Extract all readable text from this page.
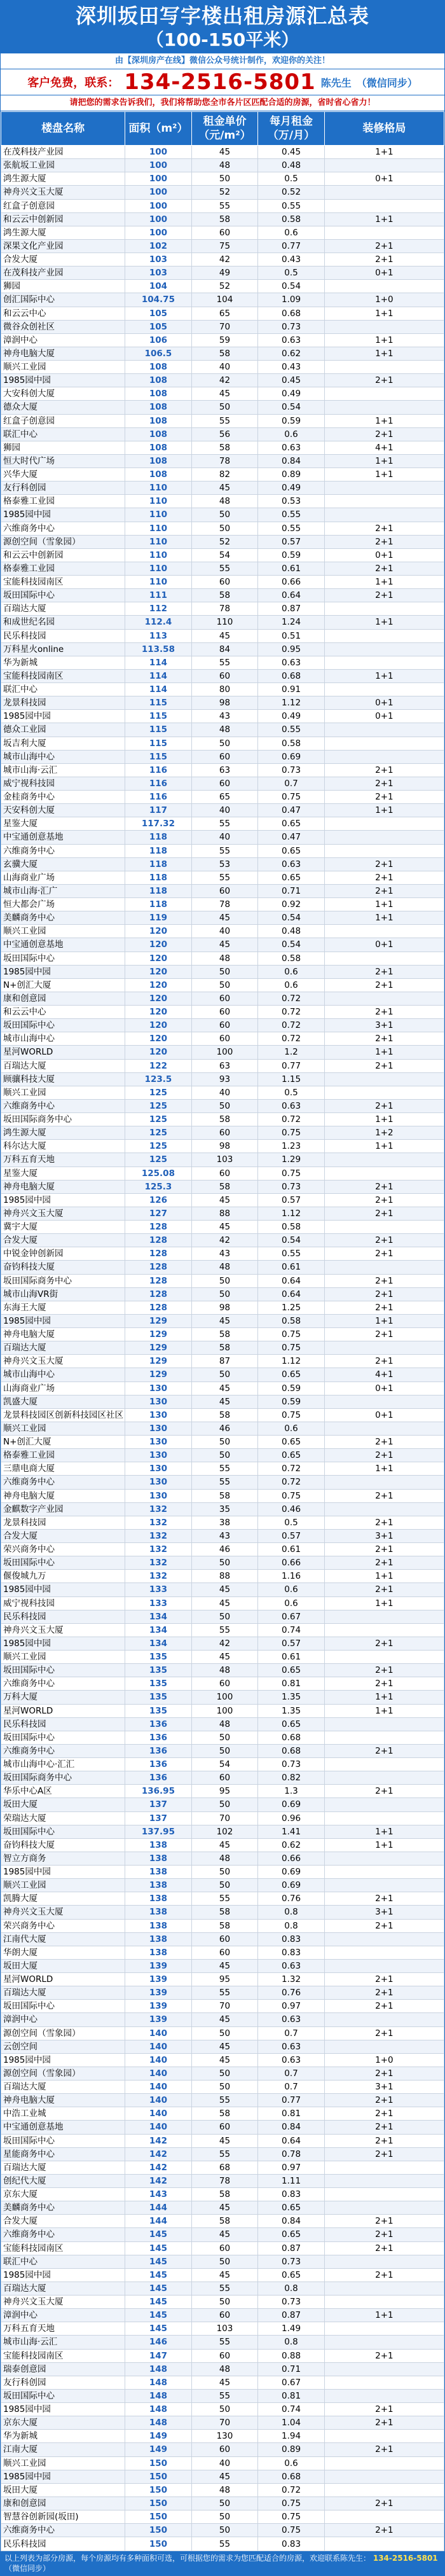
深圳坂田写字楼出租房源汇总表
（100-150平米）
由【深圳房产在线】微信公众号统计制作，欢迎你的关注！
客户免费，联系： 134-2516-5801 陈先生 （微信同步）
请把您的需求告诉我们，我们将帮助您全市各片区匹配合适的房源，省时省心省力！
楼盘名称	面积（m²）	租金单价（元/m²）	每月租金（万/月）	装修格局
在茂科技产业园	100	45	0.45	1+1
张航坂工业园	100	48	0.48	
鸿生源大厦	100	50	0.5	0+1
神舟兴文玉大厦	100	52	0.52	
红盒子创意园	100	55	0.55	
和云云中创新园	100	58	0.58	1+1
鸿生源大厦	100	60	0.6	
深果文化产业园	102	75	0.77	2+1
合发大厦	103	42	0.43	2+1
在茂科技产业园	103	49	0.5	0+1
狮园	104	52	0.54	
创汇国际中心	104.75	104	1.09	1+0
和云云中心	105	65	0.68	1+1
微谷众创社区	105	70	0.73	
漳润中心	106	59	0.63	1+1
神舟电脑大厦	106.5	58	0.62	1+1
顺兴工业园	108	40	0.43	
1985园中园	108	42	0.45	2+1
大安科创大厦	108	45	0.49	
德众大厦	108	50	0.54	
红盒子创意园	108	55	0.59	1+1
联汇中心	108	56	0.6	2+1
狮园	108	58	0.63	4+1
恒大时代广场	108	78	0.84	1+1
兴华大厦	108	82	0.89	1+1
友行科创园	110	45	0.49	
格泰雅工业园	110	48	0.53	
1985园中园	110	50	0.55	
六维商务中心	110	50	0.55	2+1
源创空间（雪象园）	110	52	0.57	2+1
和云云中创新园	110	54	0.59	0+1
格泰雅工业园	110	55	0.61	2+1
宝能科技园南区	110	60	0.66	1+1
坂田国际中心	111	58	0.64	2+1
百瑞达大厦	112	78	0.87	
和成世纪名园	112.4	110	1.24	1+1
民乐科技园	113	45	0.51	
万科星火online	113.58	84	0.95	
华为新城	114	55	0.63	
宝能科技园南区	114	60	0.68	1+1
联汇中心	114	80	0.91	
龙景科技园	115	98	1.12	0+1
1985园中园	115	43	0.49	0+1
德众工业园	115	48	0.55	
坂吉利大厦	115	50	0.58	
城市山海中心	115	60	0.69	
城市山海·云汇	116	63	0.73	2+1
威宁视科技园	116	60	0.7	2+1
金桂商务中心	116	65	0.75	2+1
天安科创大厦	117	40	0.47	1+1
星鉴大厦	117.32	55	0.65	
中宝通创意基地	118	40	0.47	
六维商务中心	118	55	0.65	
玄骥大厦	118	53	0.63	2+1
山海商业广场	118	55	0.65	2+1
城市山海·汇广	118	60	0.71	2+1
恒大都会广场	118	78	0.92	1+1
美麟商务中心	119	45	0.54	1+1
顺兴工业园	120	40	0.48	
中宝通创意基地	120	45	0.54	0+1
坂田国际中心	120	48	0.58	
1985园中园	120	50	0.6	2+1
N+创汇大厦	120	50	0.6	2+1
康和创意园	120	60	0.72	
和云云中心	120	60	0.72	2+1
坂田国际中心	120	60	0.72	3+1
城市山海中心	120	60	0.72	2+1
星河WORLD	120	100	1.2	1+1
百瑞达大厦	122	63	0.77	2+1
顾骧科技大厦	123.5	93	1.15	
顺兴工业园	125	40	0.5	
六维商务中心	125	50	0.63	2+1
坂田国际商务中心	125	58	0.72	1+1
鸿生源大厦	125	60	0.75	1+2
科尔达大厦	125	98	1.23	1+1
万科五育天地	125	103	1.29	
星鉴大厦	125.08	60	0.75	
神舟电脑大厦	125.3	58	0.73	2+1
1985园中园	126	45	0.57	2+1
神舟兴文玉大厦	127	88	1.12	2+1
冀宇大厦	128	45	0.58	
合发大厦	128	42	0.54	2+1
中锐金钟创新园	128	43	0.55	2+1
奋钧科技大厦	128	48	0.61	
坂田国际商务中心	128	50	0.64	2+1
城市山海VR街	128	50	0.64	2+1
东海王大厦	128	98	1.25	2+1
1985园中园	129	45	0.58	1+1
神舟电脑大厦	129	58	0.75	2+1
百瑞达大厦	129	58	0.75	
神舟兴文玉大厦	129	87	1.12	2+1
城市山海中心	129	50	0.65	4+1
山海商业广场	130	45	0.59	0+1
凯盛大厦	130	45	0.59	
龙景科技园区创新科技园区社区	130	58	0.75	0+1
顺兴工业园	130	46	0.6	
N+创汇大厦	130	50	0.65	2+1
格泰雅工业园	130	50	0.65	2+1
三鼎电商大厦	130	55	0.72	1+1
六维商务中心	130	55	0.72	
神舟电脑大厦	130	58	0.75	2+1
金麒数字产业园	132	35	0.46	
龙景科技园	132	38	0.5	2+1
合发大厦	132	43	0.57	3+1
荣兴商务中心	132	46	0.61	2+1
坂田国际中心	132	50	0.66	2+1
偃俊城九万	132	88	1.16	1+1
1985园中园	133	45	0.6	2+1
威宁视科技园	133	45	0.6	1+1
民乐科技园	134	50	0.67	
神舟兴文玉大厦	134	55	0.74	
1985园中园	134	42	0.57	2+1
顺兴工业园	135	45	0.61	
坂田国际中心	135	48	0.65	2+1
六维商务中心	135	60	0.81	2+1
万科大厦	135	100	1.35	1+1
星河WORLD	135	100	1.35	1+1
民乐科技园	136	48	0.65	
坂田国际中心	136	50	0.68	
六维商务中心	136	50	0.68	2+1
城市山海中心·汇汇	136	54	0.73	
坂田国际商务中心	136	60	0.82	
华乐中心A区	136.95	95	1.3	2+1
坂田大厦	137	50	0.69	
荣瑞达大厦	137	70	0.96	
坂田国际中心	137.95	102	1.41	1+1
奋钧科技大厦	138	45	0.62	1+1
智立方商务	138	48	0.66	
1985园中园	138	50	0.69	
顺兴工业园	138	50	0.69	
凯腾大厦	138	55	0.76	2+1
神舟兴文玉大厦	138	58	0.8	3+1
荣兴商务中心	138	58	0.8	2+1
江南代大厦	138	60	0.83	
华朗大厦	138	60	0.83	
坂田大厦	139	45	0.63	
星河WORLD	139	95	1.32	2+1
百瑞达大厦	139	55	0.76	2+1
坂田国际中心	139	70	0.97	2+1
漳润中心	139	45	0.63	
源创空间（雪象园）	140	50	0.7	2+1
云创空间	140	45	0.63	
1985园中园	140	45	0.63	1+0
源创空间（雪象园）	140	50	0.7	2+1
百瑞达大厦	140	50	0.7	3+1
神舟电脑大厦	140	55	0.77	2+1
中浩工业城	140	58	0.81	2+1
中宝通创意基地	140	60	0.84	2+1
坂田国际中心	142	45	0.64	2+1
星能商务中心	142	55	0.78	2+1
百瑞达大厦	142	68	0.97	
创纪代大厦	142	78	1.11	
京东大厦	143	58	0.83	
美麟商务中心	144	45	0.65	
合发大厦	144	58	0.84	2+1
六维商务中心	145	45	0.65	2+1
宝能科技园南区	145	60	0.87	2+1
联汇中心	145	50	0.73	
1985园中园	145	45	0.65	2+1
百瑞达大厦	145	55	0.8	
神舟兴文玉大厦	145	50	0.73	
漳润中心	145	60	0.87	1+1
万科五育天地	145	103	1.49	
城市山海·云汇	146	55	0.8	
宝能科技园南区	147	60	0.88	2+1
瑞泰创意园	148	48	0.71	
友行科创园	148	45	0.67	
坂田国际中心	148	55	0.81	
1985园中园	148	50	0.74	2+1
京东大厦	148	70	1.04	2+1
华为新城	149	130	1.94	
江南大厦	149	60	0.89	2+1
顺兴工业园	150	40	0.6	
1985园中园	150	45	0.68	
坂田大厦	150	48	0.72	
康和创意园	150	50	0.75	2+1
智慧谷创新园(坂田)	150	50	0.75	
六维商务中心	150	50	0.75	2+1
民乐科技园	150	55	0.83	
以上列表为部分房源，每个房源均有多种面积可选，可根据您的需求为您匹配适合的房源，欢迎联系陈先生： 134-2516-5801 （微信同步）
